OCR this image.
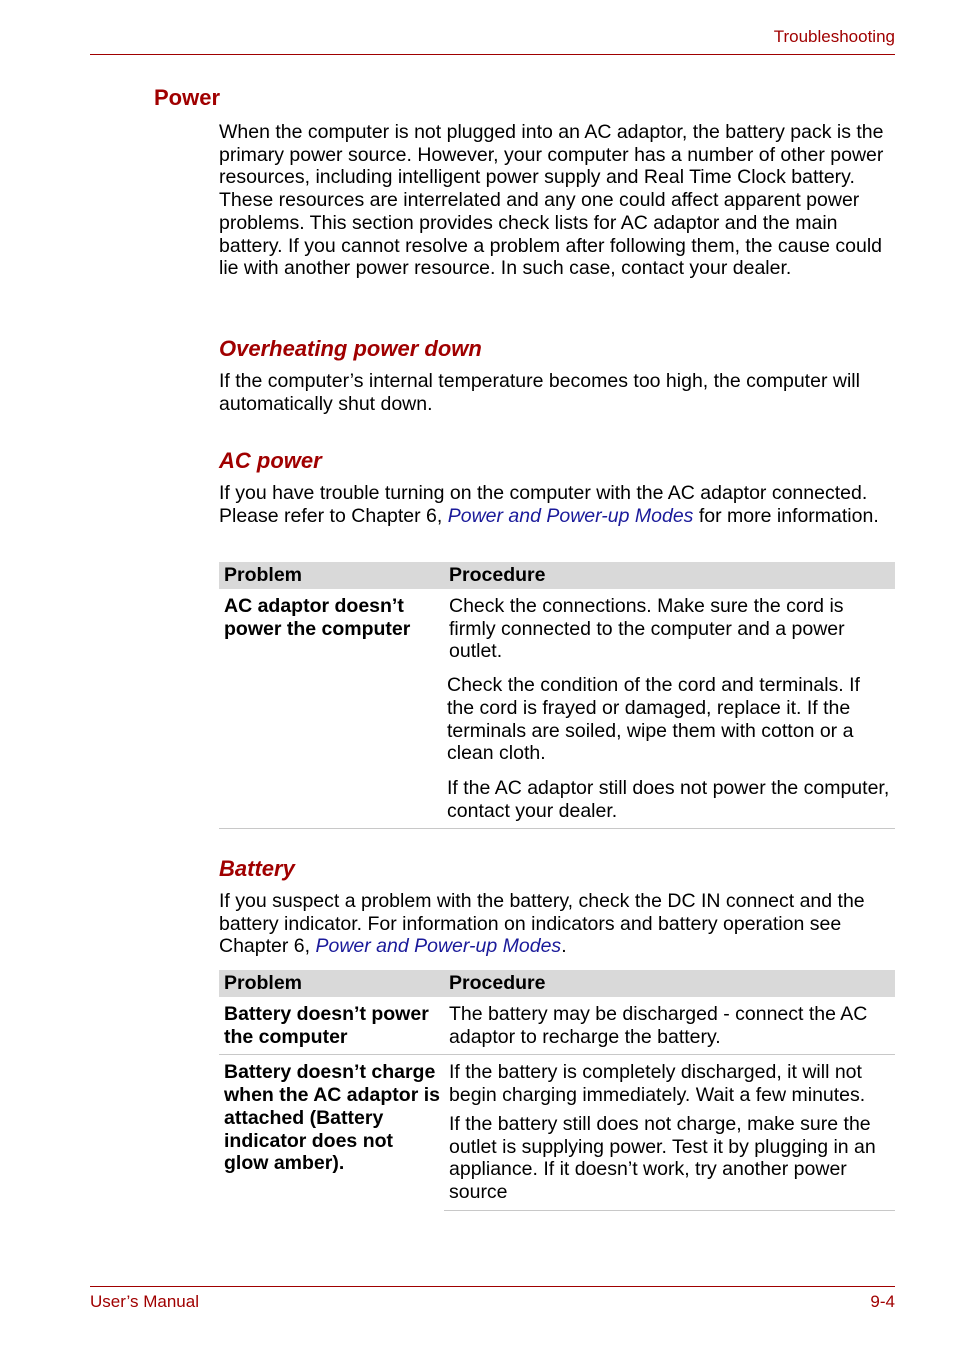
Troubleshooting
Power
When the computer is not plugged into an AC adaptor, the battery pack is the primary power source. However, your computer has a number of other power resources, including intelligent power supply and Real Time Clock battery. These resources are interrelated and any one could affect apparent power problems. This section provides check lists for AC adaptor and the main battery. If you cannot resolve a problem after following them, the cause could lie with another power resource. In such case, contact your dealer.
Overheating power down
If the computer’s internal temperature becomes too high, the computer will automatically shut down.
AC power
If you have trouble turning on the computer with the AC adaptor connected. Please refer to Chapter 6, Power and Power-up Modes for more information.
Problem	Procedure
AC adaptor doesn’t power the computer	Check the connections. Make sure the cord is firmly connected to the computer and a power outlet.

Check the condition of the cord and terminals. If the cord is frayed or damaged, replace it. If the terminals are soiled, wipe them with cotton or a clean cloth.

If the AC adaptor still does not power the computer, contact your dealer.

Battery
If you suspect a problem with the battery, check the DC IN connect and the battery indicator. For information on indicators and battery operation see Chapter 6, Power and Power-up Modes.
Problem	Procedure
Battery doesn’t power the computer	The battery may be discharged - connect the AC adaptor to recharge the battery.

Battery doesn’t charge when the AC adaptor is attached (Battery indicator does not glow amber).	If the battery is completely discharged, it will not begin charging immediately. Wait a few minutes.

If the battery still does not charge, make sure the outlet is supplying power. Test it by plugging in an appliance. If it doesn’t work, try another power source

User’s Manual	9-4
